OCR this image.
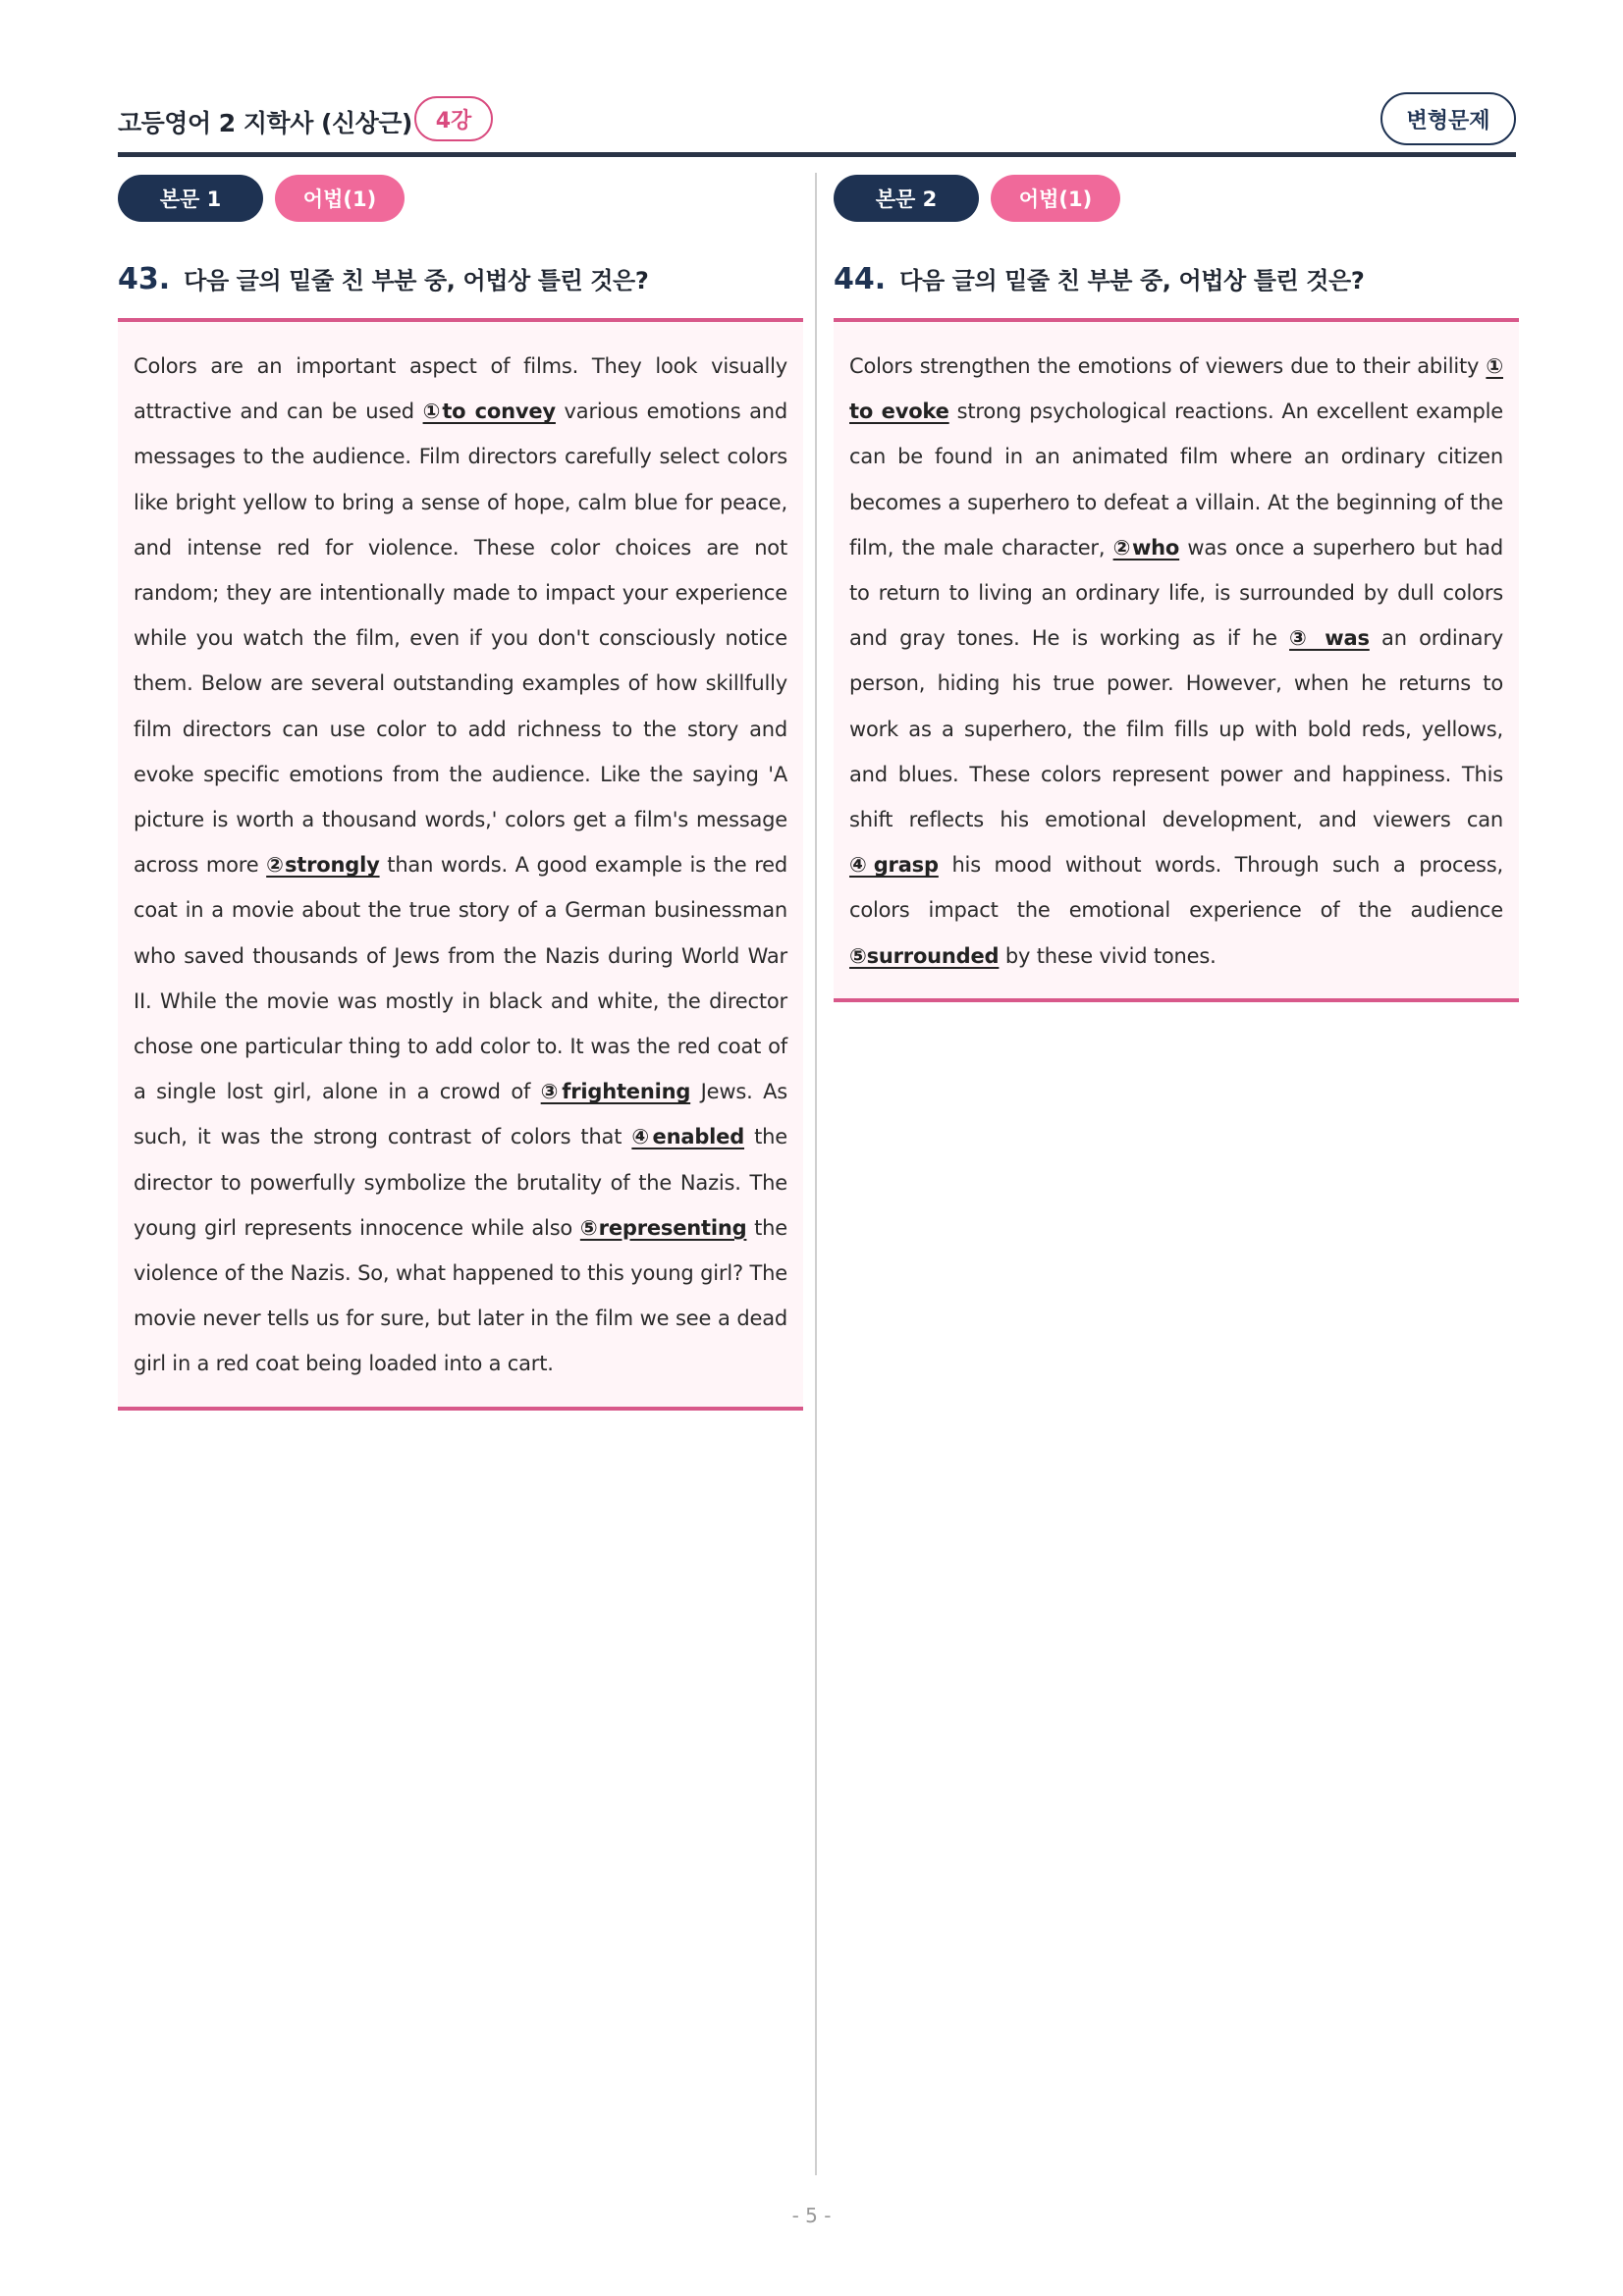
고등영어 2 지학사 (신상근)	4강	변형문제
본문 1	어법(1)
43. 다음 글의 밑줄 친 부분 중, 어법상 틀린 것은?

Colors are an important aspect of films. They look visually attractive and can be used ①to convey various emotions and messages to the audience. Film directors carefully select colors like bright yellow to bring a sense of hope, calm blue for peace, and intense red for violence. These color choices are not random; they are intentionally made to impact your experience while you watch the film, even if you don't consciously notice them. Below are several outstanding examples of how skillfully film directors can use color to add richness to the story and evoke specific emotions from the audience. Like the saying 'A picture is worth a thousand words,' colors get a film's message across more ②strongly than words. A good example is the red coat in a movie about the true story of a German businessman who saved thousands of Jews from the Nazis during World War II. While the movie was mostly in black and white, the director chose one particular thing to add color to. It was the red coat of a single lost girl, alone in a crowd of ③frightening Jews. As such, it was the strong contrast of colors that ④enabled the director to powerfully symbolize the brutality of the Nazis. The young girl represents innocence while also ⑤representing the violence of the Nazis. So, what happened to this young girl? The movie never tells us for sure, but later in the film we see a dead girl in a red coat being loaded into a cart.

본문 2	어법(1)
44. 다음 글의 밑줄 친 부분 중, 어법상 틀린 것은?

Colors strengthen the emotions of viewers due to their ability ① to evoke strong psychological reactions. An excellent example can be found in an animated film where an ordinary citizen becomes a superhero to defeat a villain. At the beginning of the film, the male character, ②who was once a superhero but had to return to living an ordinary life, is surrounded by dull colors and gray tones. He is working as if he ③ was an ordinary person, hiding his true power. However, when he returns to work as a superhero, the film fills up with bold reds, yellows, and blues. These colors represent power and happiness. This shift reflects his emotional development, and viewers can ④grasp his mood without words. Through such a process, colors impact the emotional experience of the audience ⑤surrounded by these vivid tones.

- 5 -
